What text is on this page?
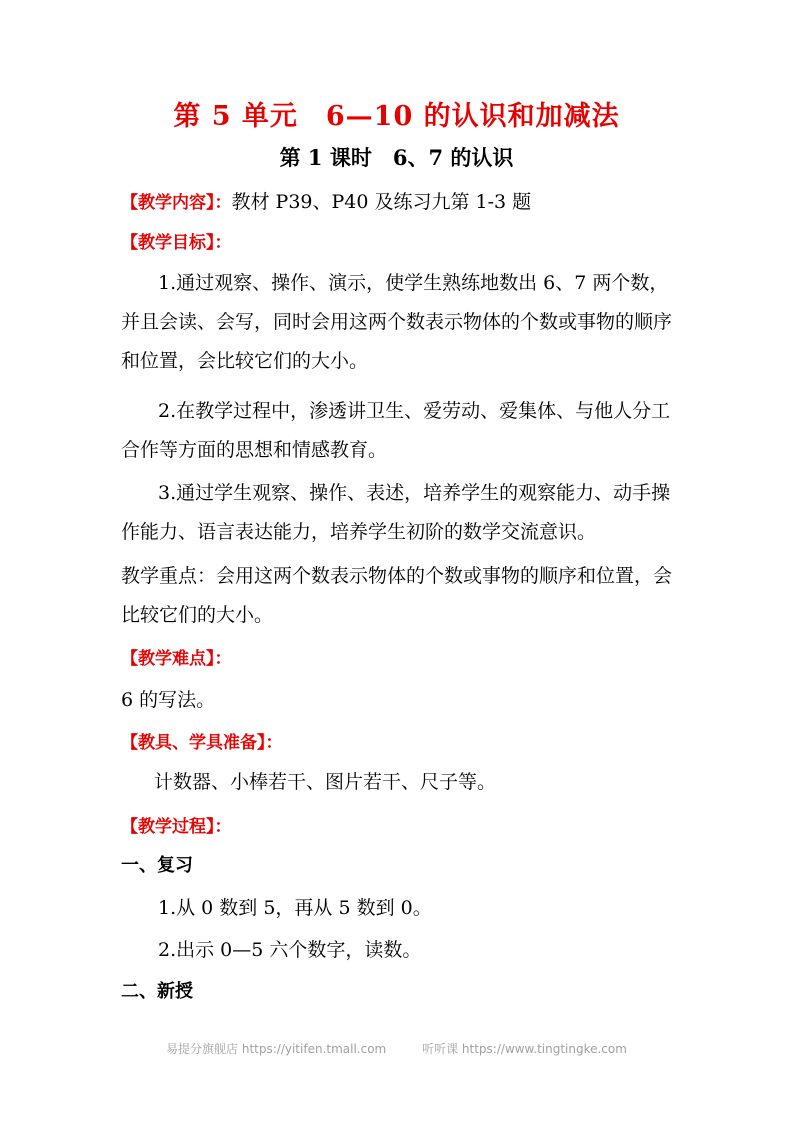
第 5 单元　6—10 的认识和加减法
第 1 课时　6、7 的认识
【教学内容】：教材 P39、P40 及练习九第 1-3 题
【教学目标】：
1.通过观察、操作、演示，使学生熟练地数出 6、7 两个数，并且会读、会写，同时会用这两个数表示物体的个数或事物的顺序和位置，会比较它们的大小。
2.在教学过程中，渗透讲卫生、爱劳动、爱集体、与他人分工合作等方面的思想和情感教育。
3.通过学生观察、操作、表述，培养学生的观察能力、动手操作能力、语言表达能力，培养学生初阶的数学交流意识。
教学重点：会用这两个数表示物体的个数或事物的顺序和位置，会比较它们的大小。
【教学难点】：
6 的写法。
【教具、学具准备】：
计数器、小棒若干、图片若干、尺子等。
【教学过程】：
一、复习
1.从 0 数到 5，再从 5 数到 0。
2.出示 0—5 六个数字，读数。
二、新授
易提分旗舰店 https://yitifen.tmall.com	听听课 https://www.tingtingke.com
